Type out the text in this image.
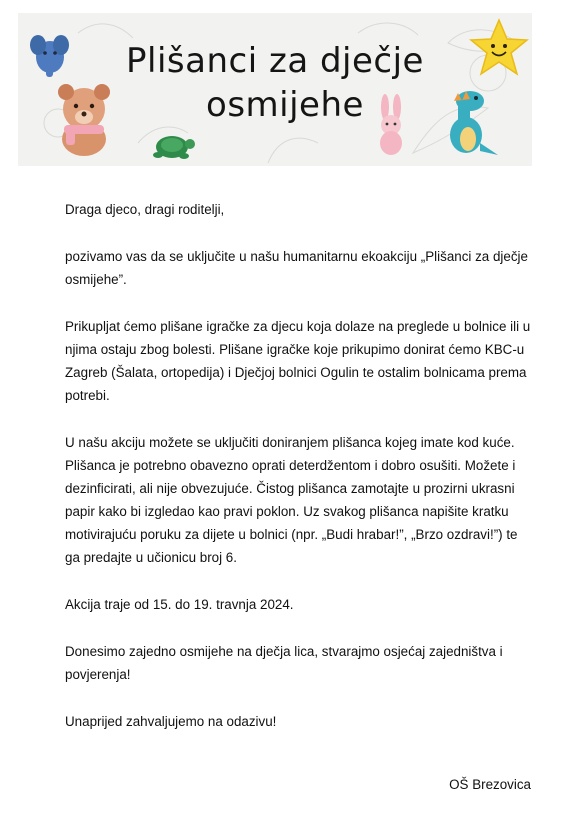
Plišanci za dječje
osmijehe

Draga djeco, dragi roditelji,

pozivamo vas da se uključite u našu humanitarnu ekoakciju „Plišanci za dječje osmijehe”.

Prikupljat ćemo plišane igračke za djecu koja dolaze na preglede u bolnice ili u njima ostaju zbog bolesti. Plišane igračke koje prikupimo donirat ćemo KBC-u Zagreb (Šalata, ortopedija) i Dječjoj bolnici Ogulin te ostalim bolnicama prema potrebi.

U našu akciju možete se uključiti doniranjem plišanca kojeg imate kod kuće. Plišanca je potrebno obavezno oprati deterdžentom i dobro osušiti. Možete i dezinficirati, ali nije obvezujuće. Čistog plišanca zamotajte u prozirni ukrasni papir kako bi izgledao kao pravi poklon. Uz svakog plišanca napišite kratku motivirajuću poruku za dijete u bolnici (npr. „Budi hrabar!”, „Brzo ozdravi!”) te ga predajte u učionicu broj 6.

Akcija traje od 15. do 19. travnja 2024.

Donesimo zajedno osmijehe na dječja lica, stvarajmo osjećaj zajedništva i povjerenja!

Unaprijed zahvaljujemo na odazivu!

OŠ Brezovica
